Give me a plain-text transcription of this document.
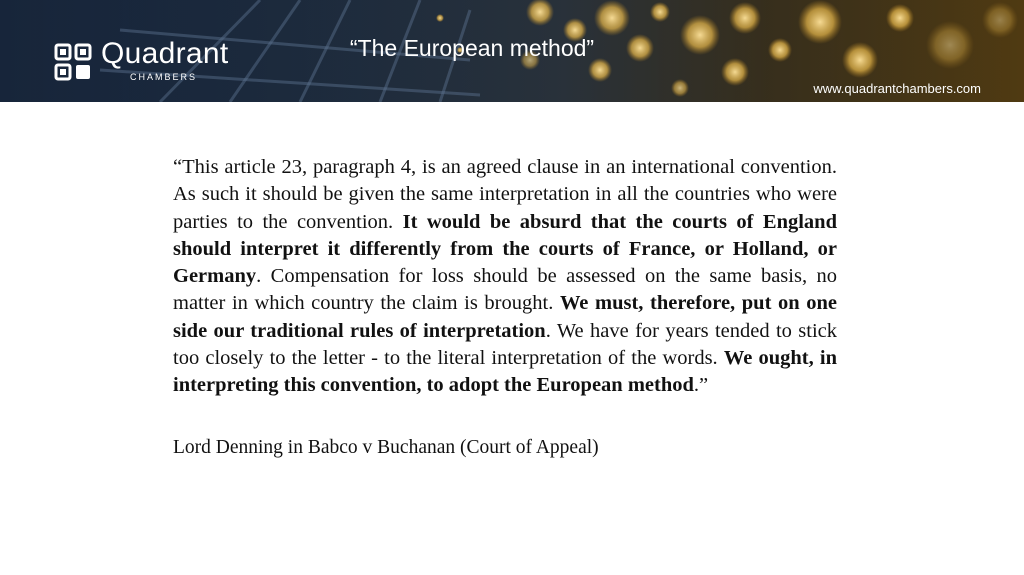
Quadrant
CHAMBERS
“The European method”
www.quadrantchambers.com

“This article 23, paragraph 4, is an agreed clause in an international convention. As such it should be given the same interpretation in all the countries who were parties to the convention. It would be absurd that the courts of England should interpret it differently from the courts of France, or Holland, or Germany. Compensation for loss should be assessed on the same basis, no matter in which country the claim is brought. We must, therefore, put on one side our traditional rules of interpretation. We have for years tended to stick too closely to the letter - to the literal interpretation of the words. We ought, in interpreting this convention, to adopt the European method.”

Lord Denning in Babco v Buchanan (Court of Appeal)
